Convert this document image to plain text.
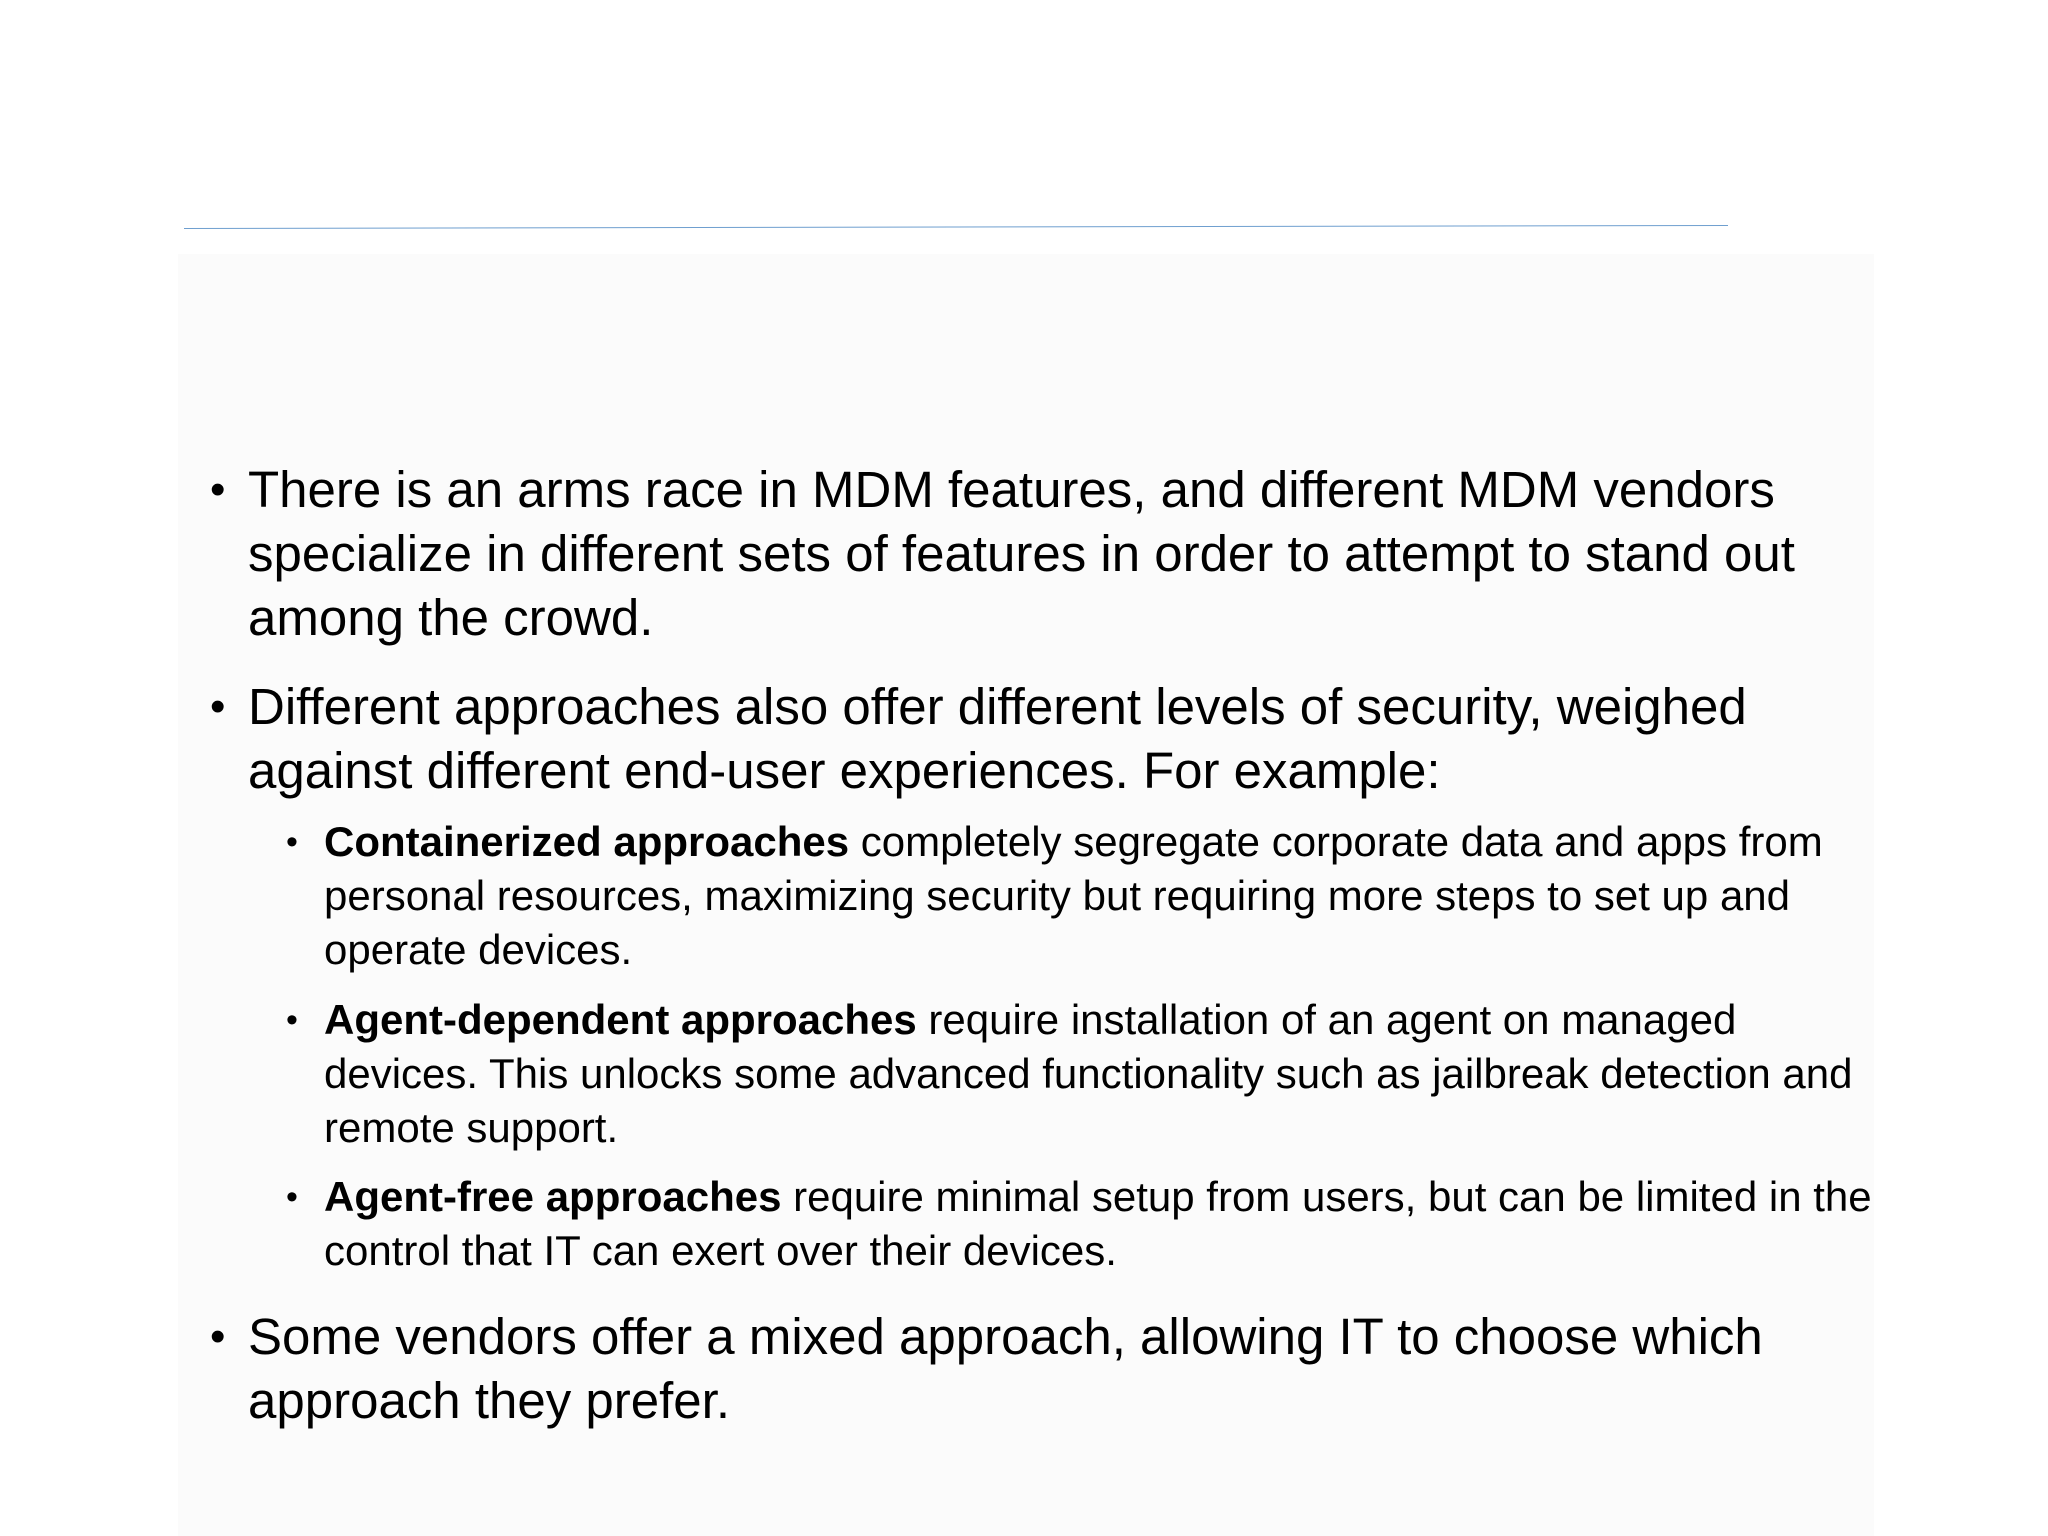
• There is an arms race in MDM features, and different MDM vendors specialize in different sets of features in order to attempt to stand out among the crowd.
• Different approaches also offer different levels of security, weighed against different end-user experiences. For example:
• Containerized approaches completely segregate corporate data and apps from personal resources, maximizing security but requiring more steps to set up and operate devices.
• Agent-dependent approaches require installation of an agent on managed devices. This unlocks some advanced functionality such as jailbreak detection and remote support.
• Agent-free approaches require minimal setup from users, but can be limited in the control that IT can exert over their devices.
• Some vendors offer a mixed approach, allowing IT to choose which approach they prefer.
